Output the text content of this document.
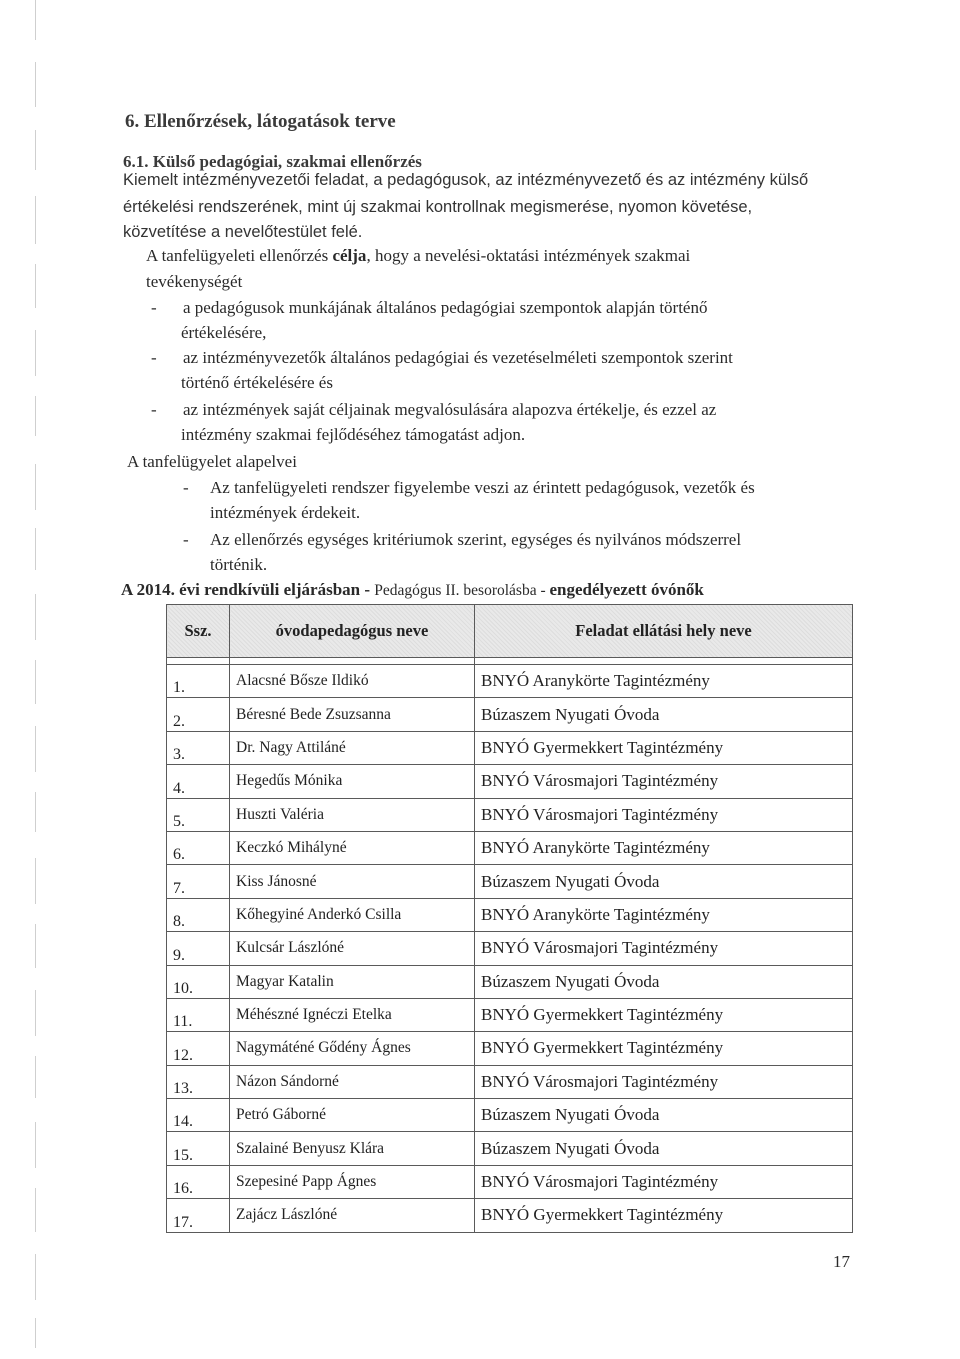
6. Ellenőrzések, látogatások terve
6.1. Külső pedagógiai, szakmai ellenőrzés
Kiemelt intézményvezetői feladat, a pedagógusok, az intézményvezető és az intézmény külső
értékelési rendszerének, mint új szakmai kontrollnak megismerése, nyomon követése,
közvetítése a nevelőtestület felé.
A tanfelügyeleti ellenőrzés célja, hogy a nevelési-oktatási intézmények szakmai
tevékenységét
- a pedagógusok munkájának általános pedagógiai szempontok alapján történő
értékelésére,
- az intézményvezetők általános pedagógiai és vezetéselméleti szempontok szerint
történő értékelésére és
- az intézmények saját céljainak megvalósulására alapozva értékelje, és ezzel az
intézmény szakmai fejlődéséhez támogatást adjon.
A tanfelügyelet alapelvei
- Az tanfelügyeleti rendszer figyelembe veszi az érintett pedagógusok, vezetők és
intézmények érdekeit.
- Az ellenőrzés egységes kritériumok szerint, egységes és nyilvános módszerrel
történik.
A 2014. évi rendkívüli eljárásban - Pedagógus II. besorolásba - engedélyezett óvónők
Ssz.	óvodapedagógus neve	Feladat ellátási hely neve

1.	Alacsné Bősze Ildikó	BNYÓ Aranykörte Tagintézmény
2.	Béresné Bede Zsuzsanna	Búzaszem Nyugati Óvoda
3.	Dr. Nagy Attiláné	BNYÓ Gyermekkert Tagintézmény
4.	Hegedűs Mónika	BNYÓ Városmajori Tagintézmény
5.	Huszti Valéria	BNYÓ Városmajori Tagintézmény
6.	Keczkó Mihályné	BNYÓ Aranykörte Tagintézmény
7.	Kiss Jánosné	Búzaszem Nyugati Óvoda
8.	Kőhegyiné Anderkó Csilla	BNYÓ Aranykörte Tagintézmény
9.	Kulcsár Lászlóné	BNYÓ Városmajori Tagintézmény
10.	Magyar Katalin	Búzaszem Nyugati Óvoda
11.	Méhészné Ignéczi Etelka	BNYÓ Gyermekkert Tagintézmény
12.	Nagymáténé Gődény Ágnes	BNYÓ Gyermekkert Tagintézmény
13.	Názon Sándorné	BNYÓ Városmajori Tagintézmény
14.	Petró Gáborné	Búzaszem Nyugati Óvoda
15.	Szalainé Benyusz Klára	Búzaszem Nyugati Óvoda
16.	Szepesiné Papp Ágnes	BNYÓ Városmajori Tagintézmény
17.	Zajácz Lászlóné	BNYÓ Gyermekkert Tagintézmény
17
